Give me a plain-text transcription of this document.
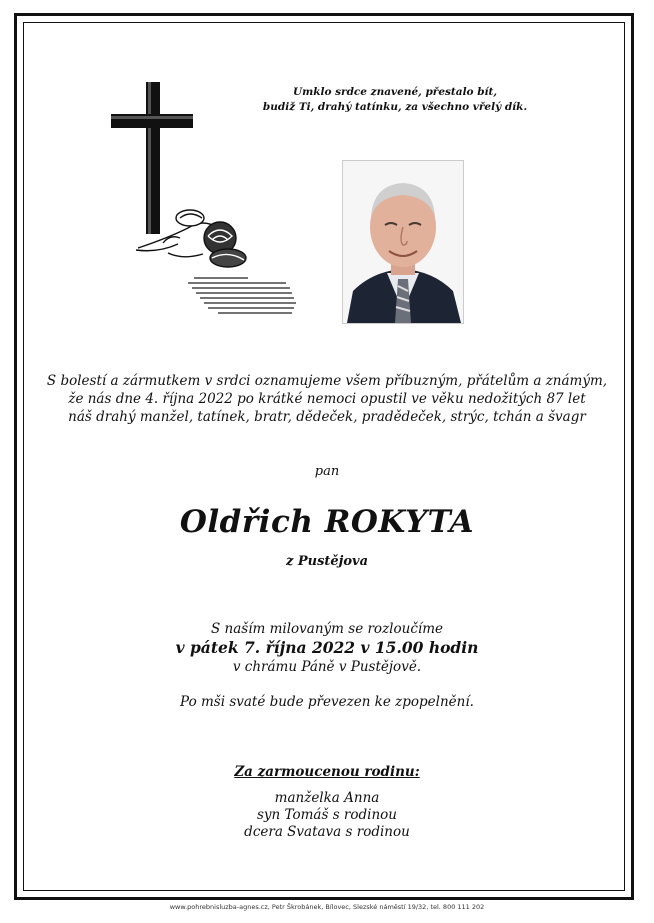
Umklo srdce znavené, přestalo bít,
budiž Ti, drahý tatínku, za všechno vřelý dík.
S bolestí a zármutkem v srdci oznamujeme všem příbuzným, přátelům a známým,
že nás dne 4. října 2022 po krátké nemoci opustil ve věku nedožitých 87 let
náš drahý manžel, tatínek, bratr, dědeček, pradědeček, strýc, tchán a švagr
pan
Oldřich ROKYTA
z Pustějova
S naším milovaným se rozloučíme
v pátek 7. října 2022 v 15.00 hodin
v chrámu Páně v Pustějově.
Po mši svaté bude převezen ke zpopelnění.
Za zarmoucenou rodinu:
manželka Anna
syn Tomáš s rodinou
dcera Svatava s rodinou
www.pohrebnisluzba-agnes.cz, Petr Škrobánek, Bílovec, Slezské náměstí 19/32, tel. 800 111 202
